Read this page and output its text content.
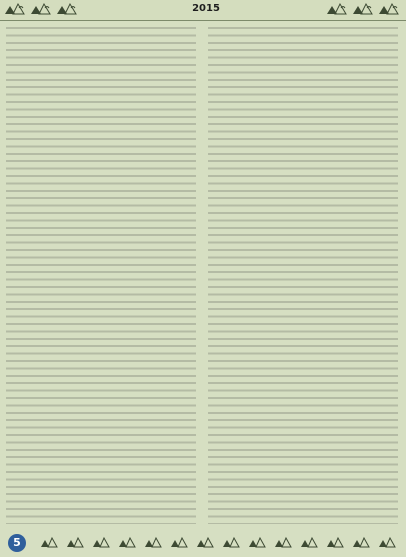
2015

5
